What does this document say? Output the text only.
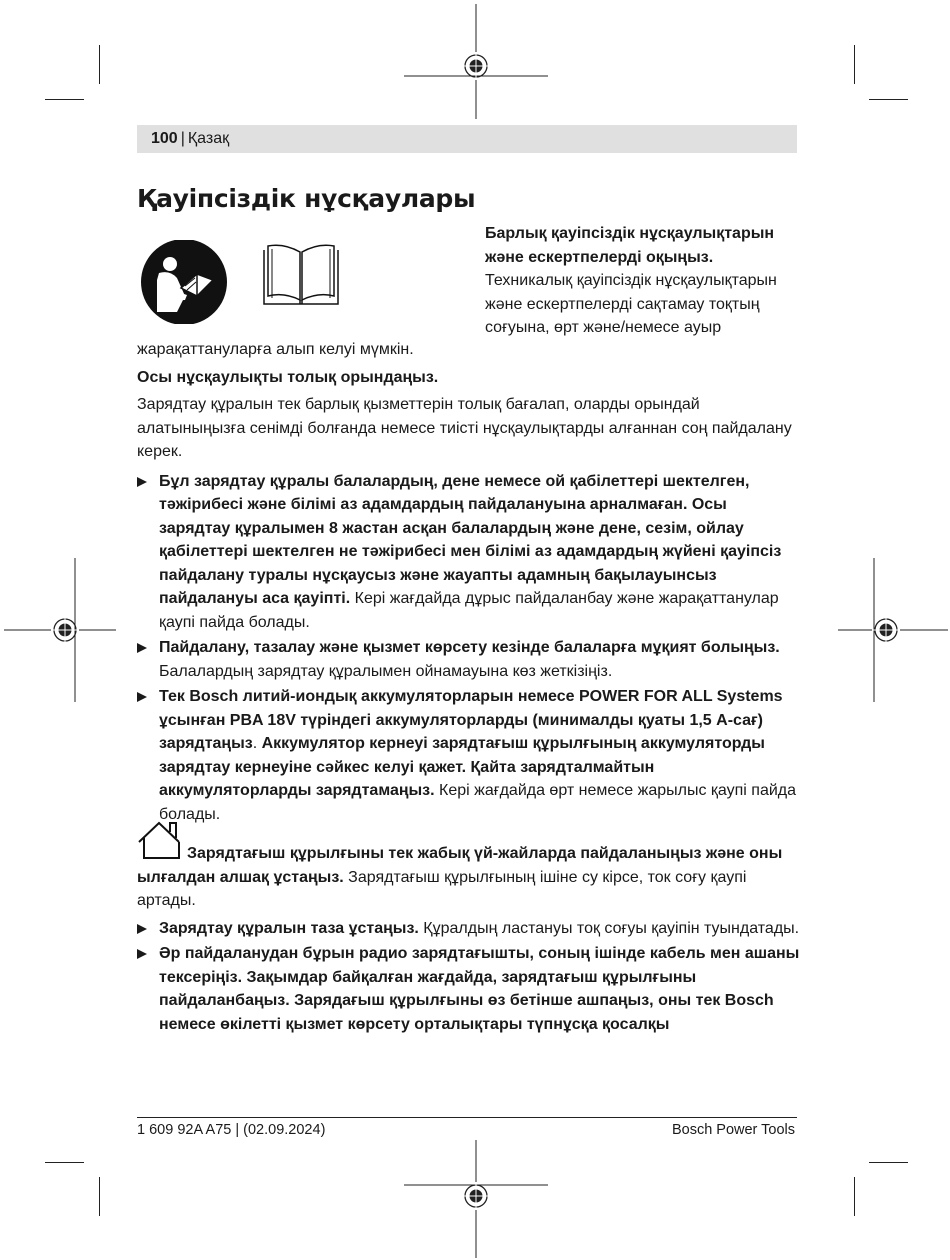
100 | Қазақ
Қауіпсіздік нұсқаулары
Барлық қауіпсіздік нұсқаулықтарын және ескертпелерді оқыңыз.
Техникалық қауіпсіздік нұсқаулықтарын және ескертпелерді сақтамау тоқтың соғуына, өрт және/немесе ауыр

жарақаттануларға алып келуі мүмкін.

Осы нұсқаулықты толық орындаңыз.

Зарядтау құралын тек барлық қызметтерін толық бағалап, оларды орындай алатыныңызға сенімді болғанда немесе тиісті нұсқаулықтарды алғаннан соң пайдалану керек.

Бұл зарядтау құралы балалардың, дене немесе ой қабілеттері шектелген, тәжірибесі және білімі аз адамдардың пайдалануына арналмаған. Осы зарядтау құралымен 8 жастан асқан балалардың және дене, сезім, ойлау қабілеттері шектелген не тәжірибесі мен білімі аз адамдардың жүйені қауіпсіз пайдалану туралы нұсқаусыз және жауапты адамның бақылауынсыз пайдалануы аса қауіпті. Кері жағдайда дұрыс пайдаланбау және жарақаттанулар қаупі пайда болады.
Пайдалану, тазалау және қызмет көрсету кезінде балаларға мұқият болыңыз. Балалардың зарядтау құралымен ойнамауына көз жеткізіңіз.
Тек Bosch литий-иондық аккумуляторларын немесе POWER FOR ALL Systems ұсынған PBA 18V түріндегі аккумуляторларды (минималды қуаты 1,5 A-сағ) зарядтаңыз. Аккумулятор кернеуі зарядтағыш құрылғының аккумуляторды зарядтау кернеуіне сәйкес келуі қажет. Қайта зарядталмайтын аккумуляторларды зарядтамаңыз. Кері жағдайда өрт немесе жарылыс қаупі пайда болады.

Зарядтағыш құрылғыны тек жабық үй-жайларда пайдаланыңыз және оны ылғалдан алшақ ұстаңыз. Зарядтағыш құрылғының ішіне су кірсе, ток соғу қаупі артады.

Зарядтау құралын таза ұстаңыз. Құралдың ластануы тоқ соғуы қауіпін туындатады.
Әр пайдаланудан бұрын радио зарядтағышты, соның ішінде кабель мен ашаны тексеріңіз. Зақымдар байқалған жағдайда, зарядтағыш құрылғыны пайдаланбаңыз. Зарядағыш құрылғыны өз бетінше ашпаңыз, оны тек Bosch немесе өкілетті қызмет көрсету орталықтары түпнұсқа қосалқы
1 609 92A A75 | (02.09.2024)	Bosch Power Tools
